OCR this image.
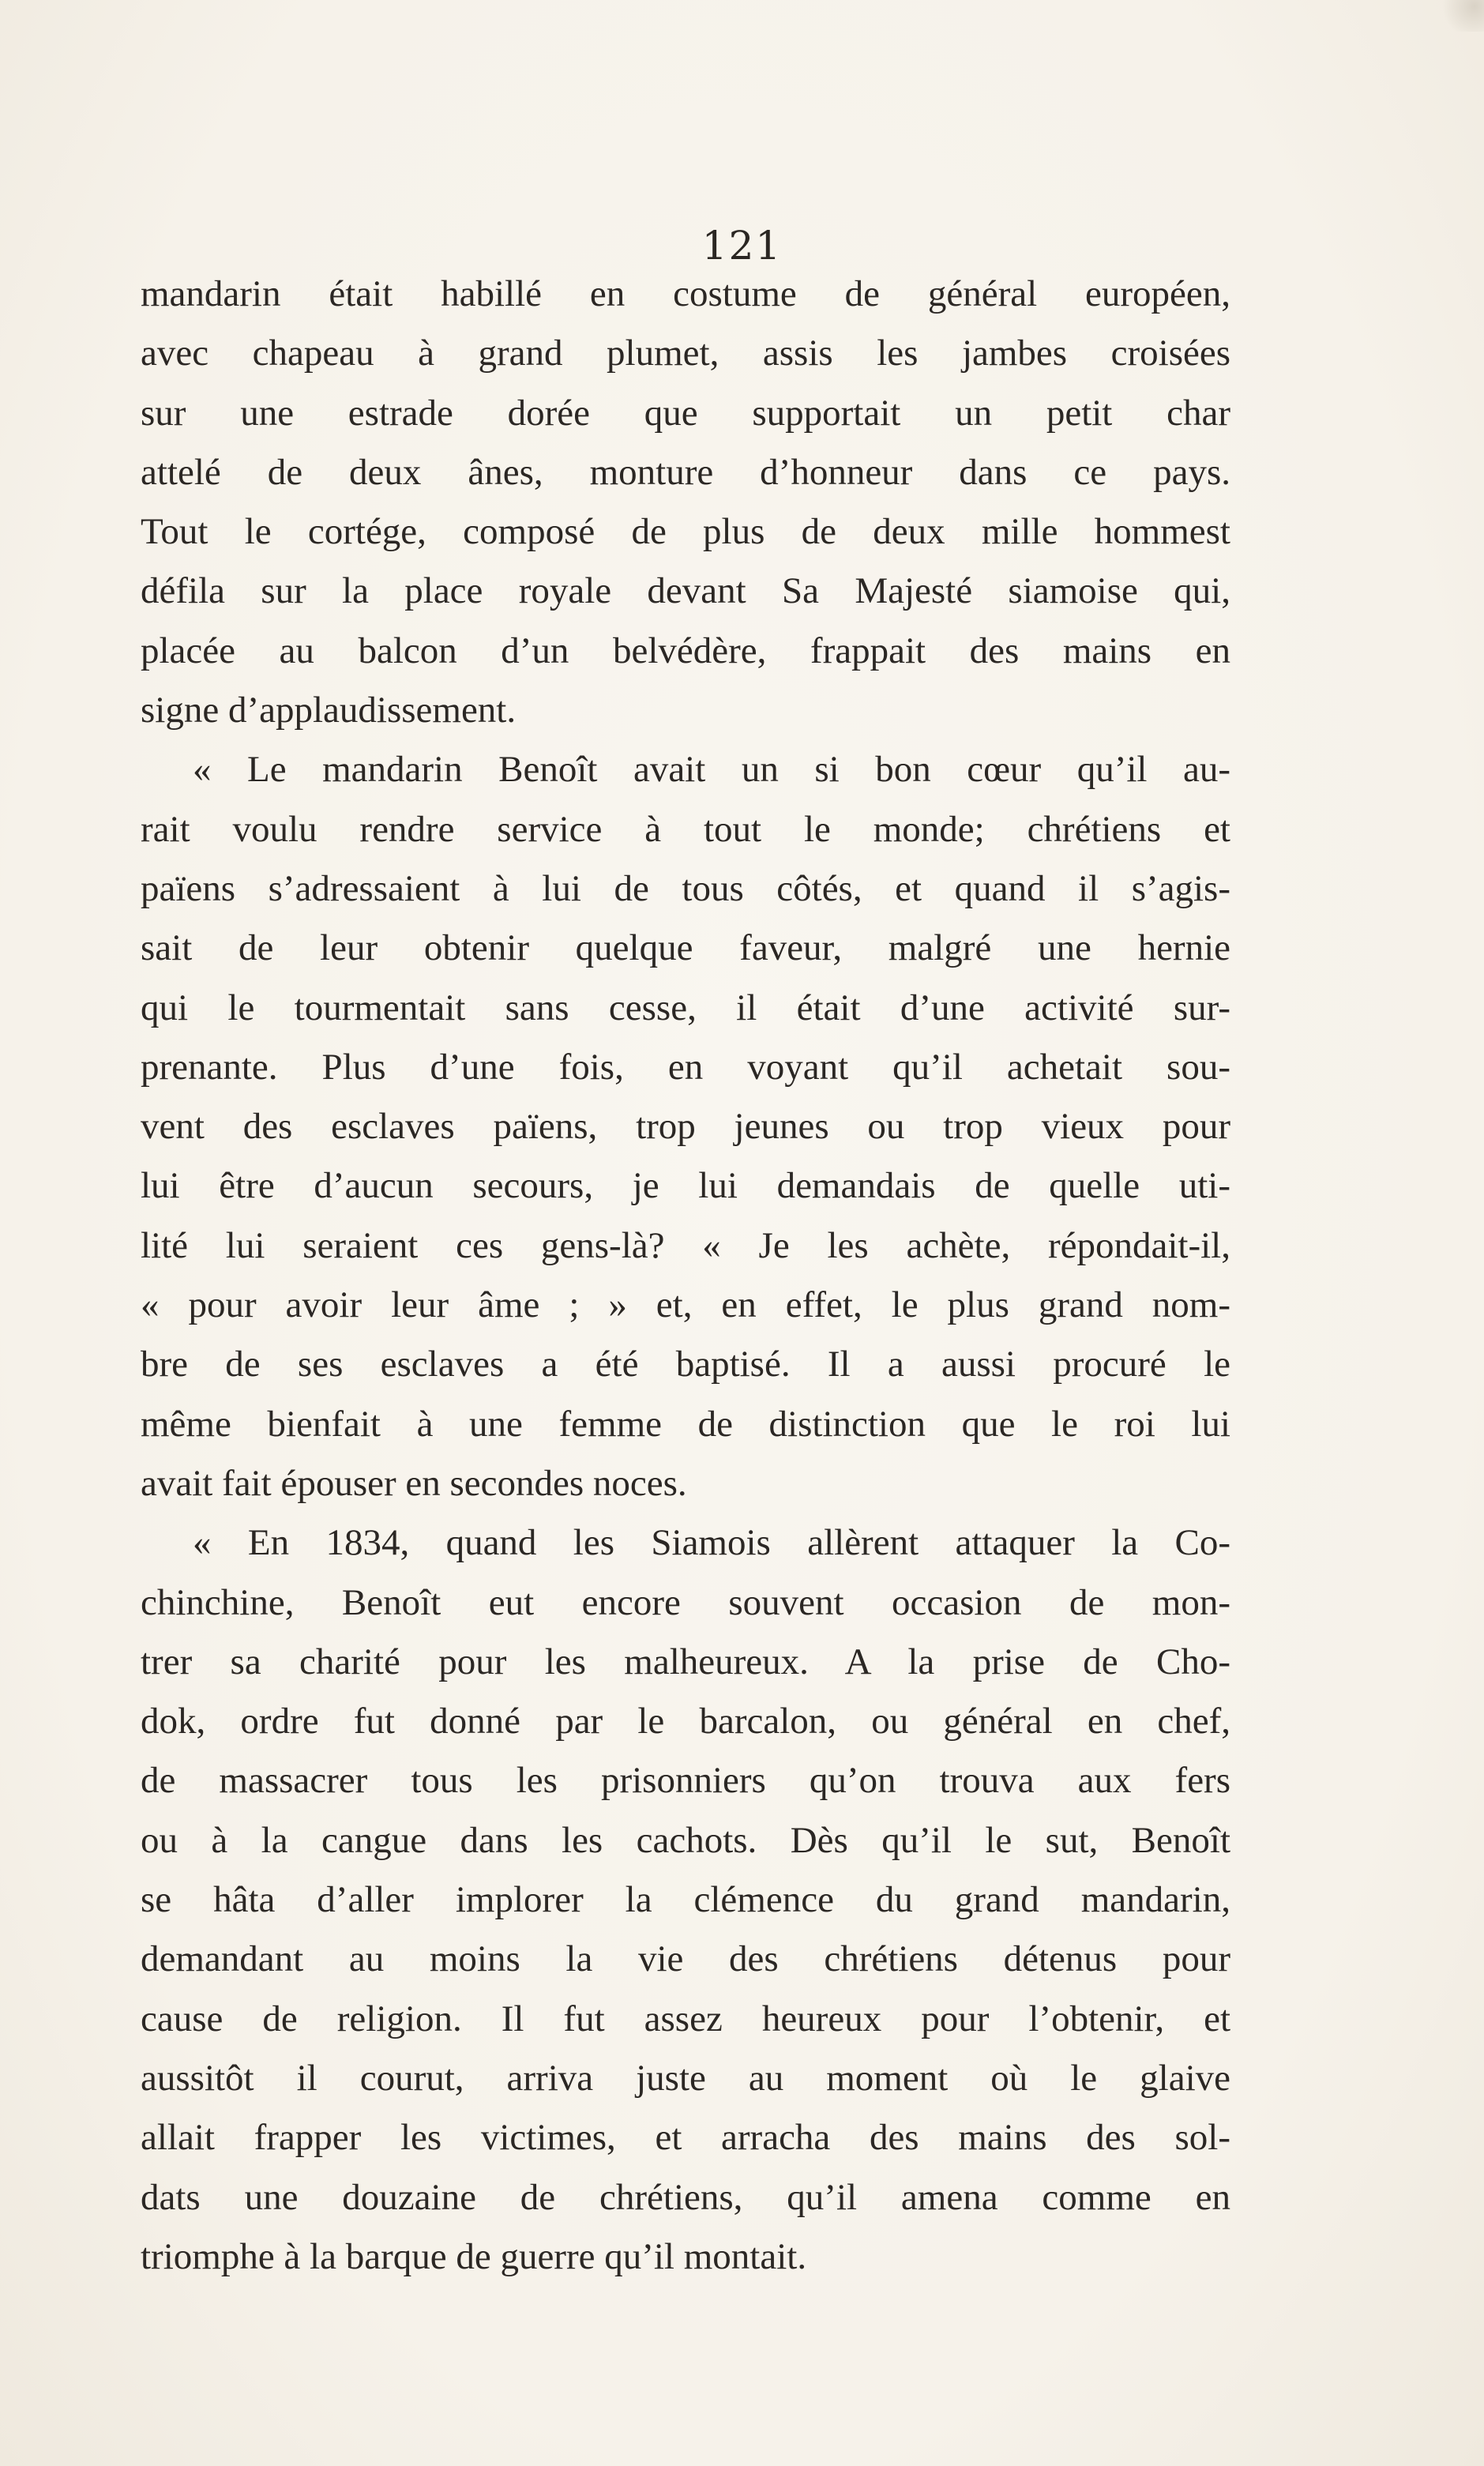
121
mandarin était habillé en costume de général européen,
avec chapeau à grand plumet, assis les jambes croisées
sur une estrade dorée que supportait un petit char
attelé de deux ânes, monture d’honneur dans ce pays.
Tout le cortége, composé de plus de deux mille hommest
défila sur la place royale devant Sa Majesté siamoise qui,
placée au balcon d’un belvédère, frappait des mains en
signe d’applaudissement.
« Le mandarin Benoît avait un si bon cœur qu’il au-
rait voulu rendre service à tout le monde; chrétiens et
païens s’adressaient à lui de tous côtés, et quand il s’agis-
sait de leur obtenir quelque faveur, malgré une hernie
qui le tourmentait sans cesse, il était d’une activité sur-
prenante. Plus d’une fois, en voyant qu’il achetait sou-
vent des esclaves païens, trop jeunes ou trop vieux pour
lui être d’aucun secours, je lui demandais de quelle uti-
lité lui seraient ces gens-là? « Je les achète, répondait-il,
« pour avoir leur âme ; » et, en effet, le plus grand nom-
bre de ses esclaves a été baptisé. Il a aussi procuré le
même bienfait à une femme de distinction que le roi lui
avait fait épouser en secondes noces.
« En 1834, quand les Siamois allèrent attaquer la Co-
chinchine, Benoît eut encore souvent occasion de mon-
trer sa charité pour les malheureux. A la prise de Cho-
dok, ordre fut donné par le barcalon, ou général en chef,
de massacrer tous les prisonniers qu’on trouva aux fers
ou à la cangue dans les cachots. Dès qu’il le sut, Benoît
se hâta d’aller implorer la clémence du grand mandarin,
demandant au moins la vie des chrétiens détenus pour
cause de religion. Il fut assez heureux pour l’obtenir, et
aussitôt il courut, arriva juste au moment où le glaive
allait frapper les victimes, et arracha des mains des sol-
dats une douzaine de chrétiens, qu’il amena comme en
triomphe à la barque de guerre qu’il montait.
